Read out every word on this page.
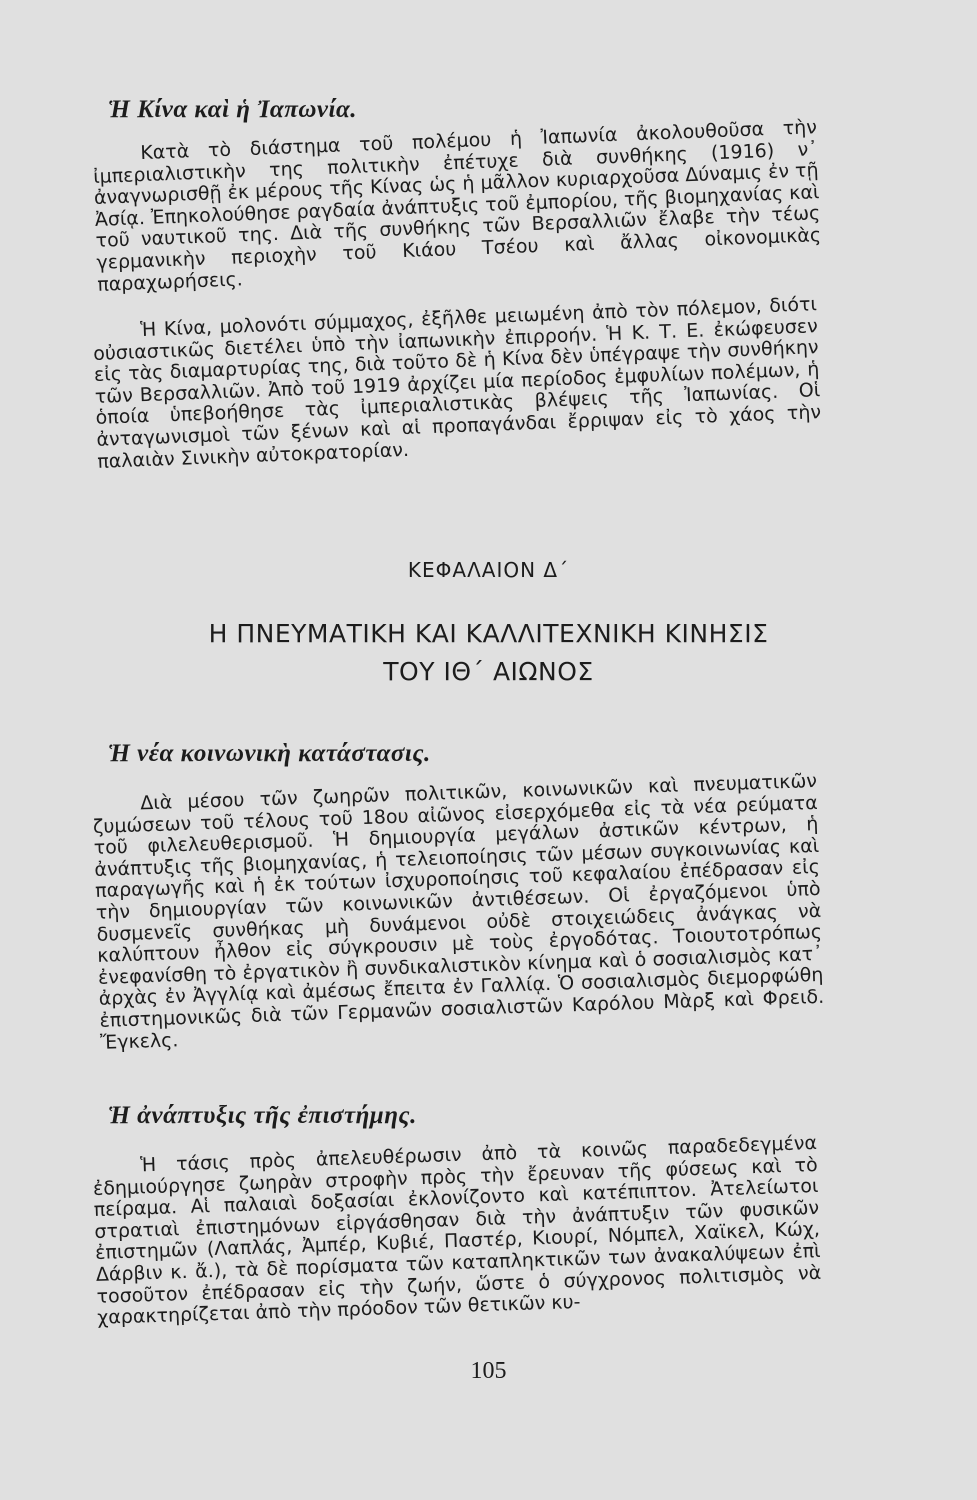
Ἡ Κίνα καὶ ἡ Ἰαπωνία.

Κατὰ τὸ διάστημα τοῦ πολέμου ἡ Ἰαπωνία ἀκολουθοῦσα τὴν ἰμπεριαλιστικὴν της πολιτικὴν ἐπέτυχε διὰ συνθήκης (1916) ν᾽ ἀναγνωρισθῇ ἐκ μέρους τῆς Κίνας ὡς ἡ μᾶλλον κυριαρχοῦσα Δύναμις ἐν τῇ Ἀσίᾳ. Ἐπηκολούθησε ραγδαία ἀνάπτυξις τοῦ ἐμπορίου, τῆς βιομηχανίας καὶ τοῦ ναυτικοῦ της. Διὰ τῆς συνθήκης τῶν Βερσαλλιῶν ἔλαβε τὴν τέως γερμανικὴν περιοχὴν τοῦ Κιάου Τσέου καὶ ἄλλας οἰκονομικὰς παραχωρήσεις.

Ἡ Κίνα, μολονότι σύμμαχος, ἐξῆλθε μειωμένη ἀπὸ τὸν πόλεμον, διότι οὐσιαστικῶς διετέλει ὑπὸ τὴν ἰαπωνικὴν ἐπιρροήν. Ἡ Κ. Τ. Ε. ἐκώφευσεν εἰς τὰς διαμαρτυρίας της, διὰ τοῦτο δὲ ἡ Κίνα δὲν ὑπέγραψε τὴν συνθήκην τῶν Βερσαλλιῶν. Ἀπὸ τοῦ 1919 ἀρχίζει μία περίοδος ἐμφυλίων πολέμων, ἡ ὁποία ὑπεβοήθησε τὰς ἰμπεριαλιστικὰς βλέψεις τῆς Ἰαπωνίας. Οἱ ἀνταγωνισμοὶ τῶν ξένων καὶ αἱ προπαγάνδαι ἔρριψαν εἰς τὸ χάος τὴν παλαιὰν Σινικὴν αὐτοκρατορίαν.

ΚΕΦΑΛΑΙΟΝ Δ΄
Η ΠΝΕΥΜΑΤΙΚΗ ΚΑΙ ΚΑΛΛΙΤΕΧΝΙΚΗ ΚΙΝΗΣΙΣ
ΤΟΥ ΙΘ΄ ΑΙΩΝΟΣ
Ἡ νέα κοινωνικὴ κατάστασις.

Διὰ μέσου τῶν ζωηρῶν πολιτικῶν, κοινωνικῶν καὶ πνευματικῶν ζυμώσεων τοῦ τέλους τοῦ 18ου αἰῶνος εἰσερχόμεθα εἰς τὰ νέα ρεύματα τοῦ φιλελευθερισμοῦ. Ἡ δημιουργία μεγάλων ἀστικῶν κέντρων, ἡ ἀνάπτυξις τῆς βιομηχανίας, ἡ τελειοποίησις τῶν μέσων συγκοινωνίας καὶ παραγωγῆς καὶ ἡ ἐκ τούτων ἰσχυροποίησις τοῦ κεφαλαίου ἐπέδρασαν εἰς τὴν δημιουργίαν τῶν κοινωνικῶν ἀντιθέσεων. Οἱ ἐργαζόμενοι ὑπὸ δυσμενεῖς συνθήκας μὴ δυνάμενοι οὐδὲ στοιχειώδεις ἀνάγκας νὰ καλύπτουν ἦλθον εἰς σύγκρουσιν μὲ τοὺς ἐργοδότας. Τοιουτοτρόπως ἐνεφανίσθη τὸ ἐργατικὸν ἢ συνδικαλιστικὸν κίνημα καὶ ὁ σοσιαλισμὸς κατ᾽ ἀρχὰς ἐν Ἀγγλίᾳ καὶ ἀμέσως ἔπειτα ἐν Γαλλίᾳ. Ὁ σοσιαλισμὸς διεμορφώθη ἐπιστημονικῶς διὰ τῶν Γερμανῶν σοσιαλιστῶν Καρόλου Μὰρξ καὶ Φρειδ. Ἔγκελς.

Ἡ ἀνάπτυξις τῆς ἐπιστήμης.

Ἡ τάσις πρὸς ἀπελευθέρωσιν ἀπὸ τὰ κοινῶς παραδεδεγμένα ἐδημιούργησε ζωηρὰν στροφὴν πρὸς τὴν ἔρευναν τῆς φύσεως καὶ τὸ πείραμα. Αἱ παλαιαὶ δοξασίαι ἐκλονίζοντο καὶ κατέπιπτον. Ἀτελείωτοι στρατιαὶ ἐπιστημόνων εἰργάσθησαν διὰ τὴν ἀνάπτυξιν τῶν φυσικῶν ἐπιστημῶν (Λαπλάς, Ἀμπέρ, Κυβιέ, Παστέρ, Κιουρί, Νόμπελ, Χαϊκελ, Κώχ, Δάρβιν κ. ἄ.), τὰ δὲ πορίσματα τῶν καταπληκτικῶν των ἀνακαλύψεων ἐπὶ τοσοῦτον ἐπέδρασαν εἰς τὴν ζωήν, ὥστε ὁ σύγχρονος πολιτισμὸς νὰ χαρακτηρίζεται ἀπὸ τὴν πρόοδον τῶν θετικῶν κυ-

105
